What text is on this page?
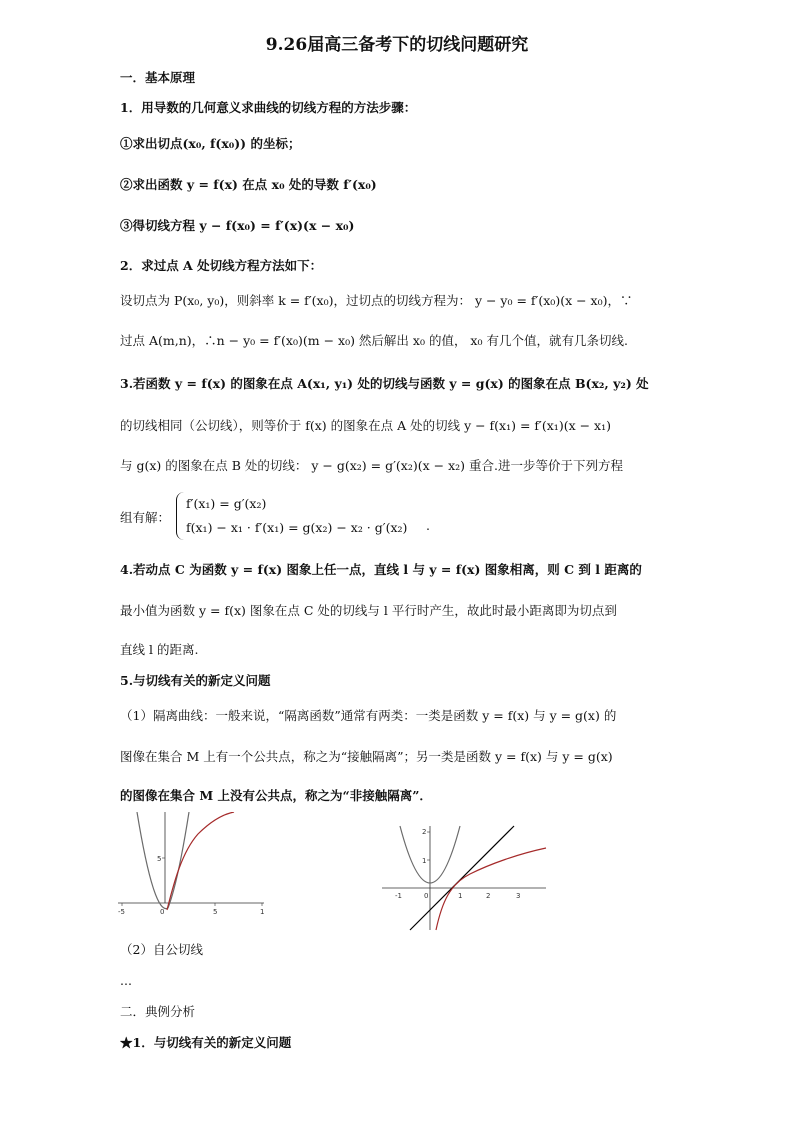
9.26届高三备考下的切线问题研究
一．基本原理
1．用导数的几何意义求曲线的切线方程的方法步骤：
①求出切点(x₀, f(x₀)) 的坐标；
②求出函数 y = f(x) 在点 x₀ 处的导数 f′(x₀)
③得切线方程 y − f(x₀) = f′(x)(x − x₀)
2．求过点 A 处切线方程方法如下：
设切点为 P(x₀, y₀)，则斜率 k = f′(x₀)，过切点的切线方程为： y − y₀ = f′(x₀)(x − x₀)，∵
过点 A(m,n)，∴n − y₀ = f′(x₀)(m − x₀) 然后解出 x₀ 的值， x₀ 有几个值，就有几条切线.
3.若函数 y = f(x) 的图象在点 A(x₁, y₁) 处的切线与函数 y = g(x) 的图象在点 B(x₂, y₂) 处
的切线相同（公切线），则等价于 f(x) 的图象在点 A 处的切线 y − f(x₁) = f′(x₁)(x − x₁)
与 g(x) 的图象在点 B 处的切线： y − g(x₂) = g′(x₂)(x − x₂) 重合.进一步等价于下列方程
组有解：
f′(x₁) = g′(x₂)
f(x₁) − x₁ · f′(x₁) = g(x₂) − x₂ · g′(x₂) .
4.若动点 C 为函数 y = f(x) 图象上任一点，直线 l 与 y = f(x) 图象相离，则 C 到 l 距离的
最小值为函数 y = f(x) 图象在点 C 处的切线与 l 平行时产生，故此时最小距离即为切点到
直线 l 的距离.
5.与切线有关的新定义问题
（1）隔离曲线：一般来说，“隔离函数”通常有两类：一类是函数 y = f(x) 与 y = g(x) 的
图像在集合 M 上有一个公共点，称之为“接触隔离”；另一类是函数 y = f(x) 与 y = g(x)
的图像在集合 M 上没有公共点，称之为“非接触隔离”．
-5	0	5	1
5
2
1
-1	0	1	2	3
（2）自公切线
...
二．典例分析
★1．与切线有关的新定义问题
